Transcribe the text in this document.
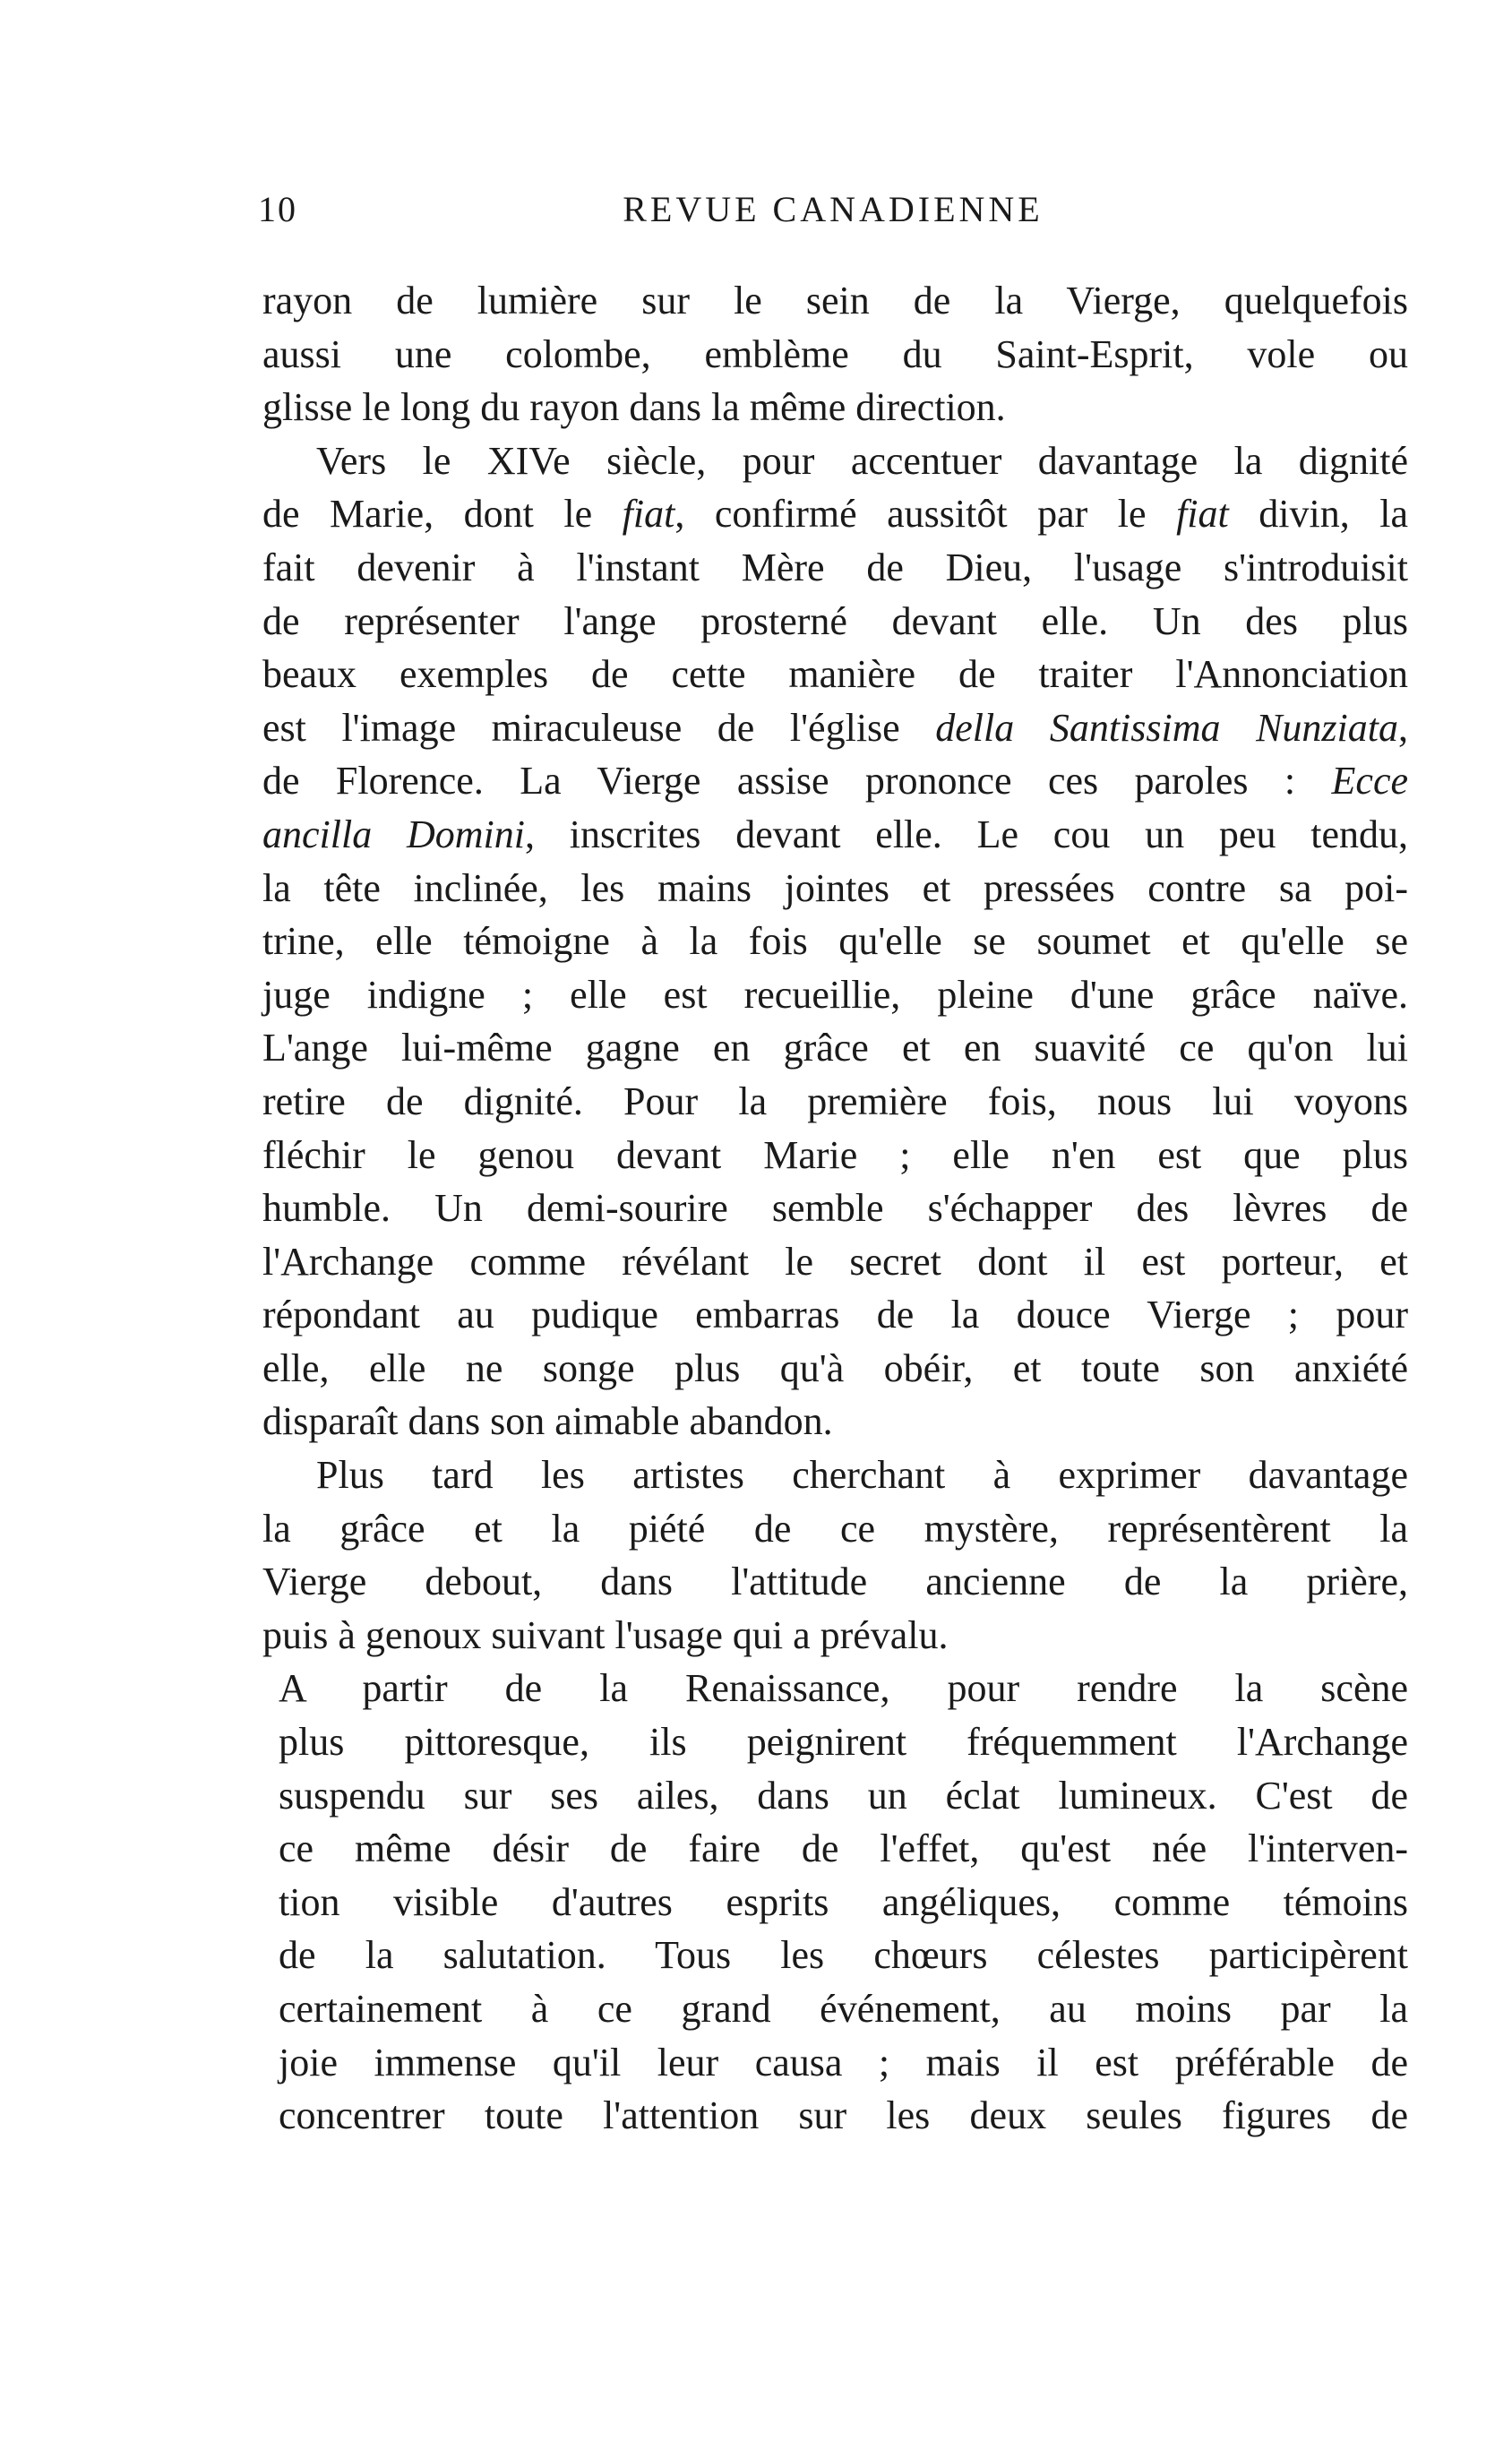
10	REVUE CANADIENNE
rayon de lumière sur le sein de la Vierge, quelquefois
aussi une colombe, emblème du Saint-Esprit, vole ou
glisse le long du rayon dans la même direction.
Vers le XIVe siècle, pour accentuer davantage la dignité
de Marie, dont le fiat, confirmé aussitôt par le fiat divin, la
fait devenir à l'instant Mère de Dieu, l'usage s'introduisit
de représenter l'ange prosterné devant elle. Un des plus
beaux exemples de cette manière de traiter l'Annonciation
est l'image miraculeuse de l'église della Santissima Nunziata,
de Florence. La Vierge assise prononce ces paroles : Ecce
ancilla Domini, inscrites devant elle. Le cou un peu tendu,
la tête inclinée, les mains jointes et pressées contre sa poi-
trine, elle témoigne à la fois qu'elle se soumet et qu'elle se
juge indigne ; elle est recueillie, pleine d'une grâce naïve.
L'ange lui-même gagne en grâce et en suavité ce qu'on lui
retire de dignité. Pour la première fois, nous lui voyons
fléchir le genou devant Marie ; elle n'en est que plus
humble. Un demi-sourire semble s'échapper des lèvres de
l'Archange comme révélant le secret dont il est porteur, et
répondant au pudique embarras de la douce Vierge ; pour
elle, elle ne songe plus qu'à obéir, et toute son anxiété
disparaît dans son aimable abandon.
Plus tard les artistes cherchant à exprimer davantage
la grâce et la piété de ce mystère, représentèrent la
Vierge debout, dans l'attitude ancienne de la prière,
puis à genoux suivant l'usage qui a prévalu.
A partir de la Renaissance, pour rendre la scène
plus pittoresque, ils peignirent fréquemment l'Archange
suspendu sur ses ailes, dans un éclat lumineux. C'est de
ce même désir de faire de l'effet, qu'est née l'interven-
tion visible d'autres esprits angéliques, comme témoins
de la salutation. Tous les chœurs célestes participèrent
certainement à ce grand événement, au moins par la
joie immense qu'il leur causa ; mais il est préférable de
concentrer toute l'attention sur les deux seules figures de
